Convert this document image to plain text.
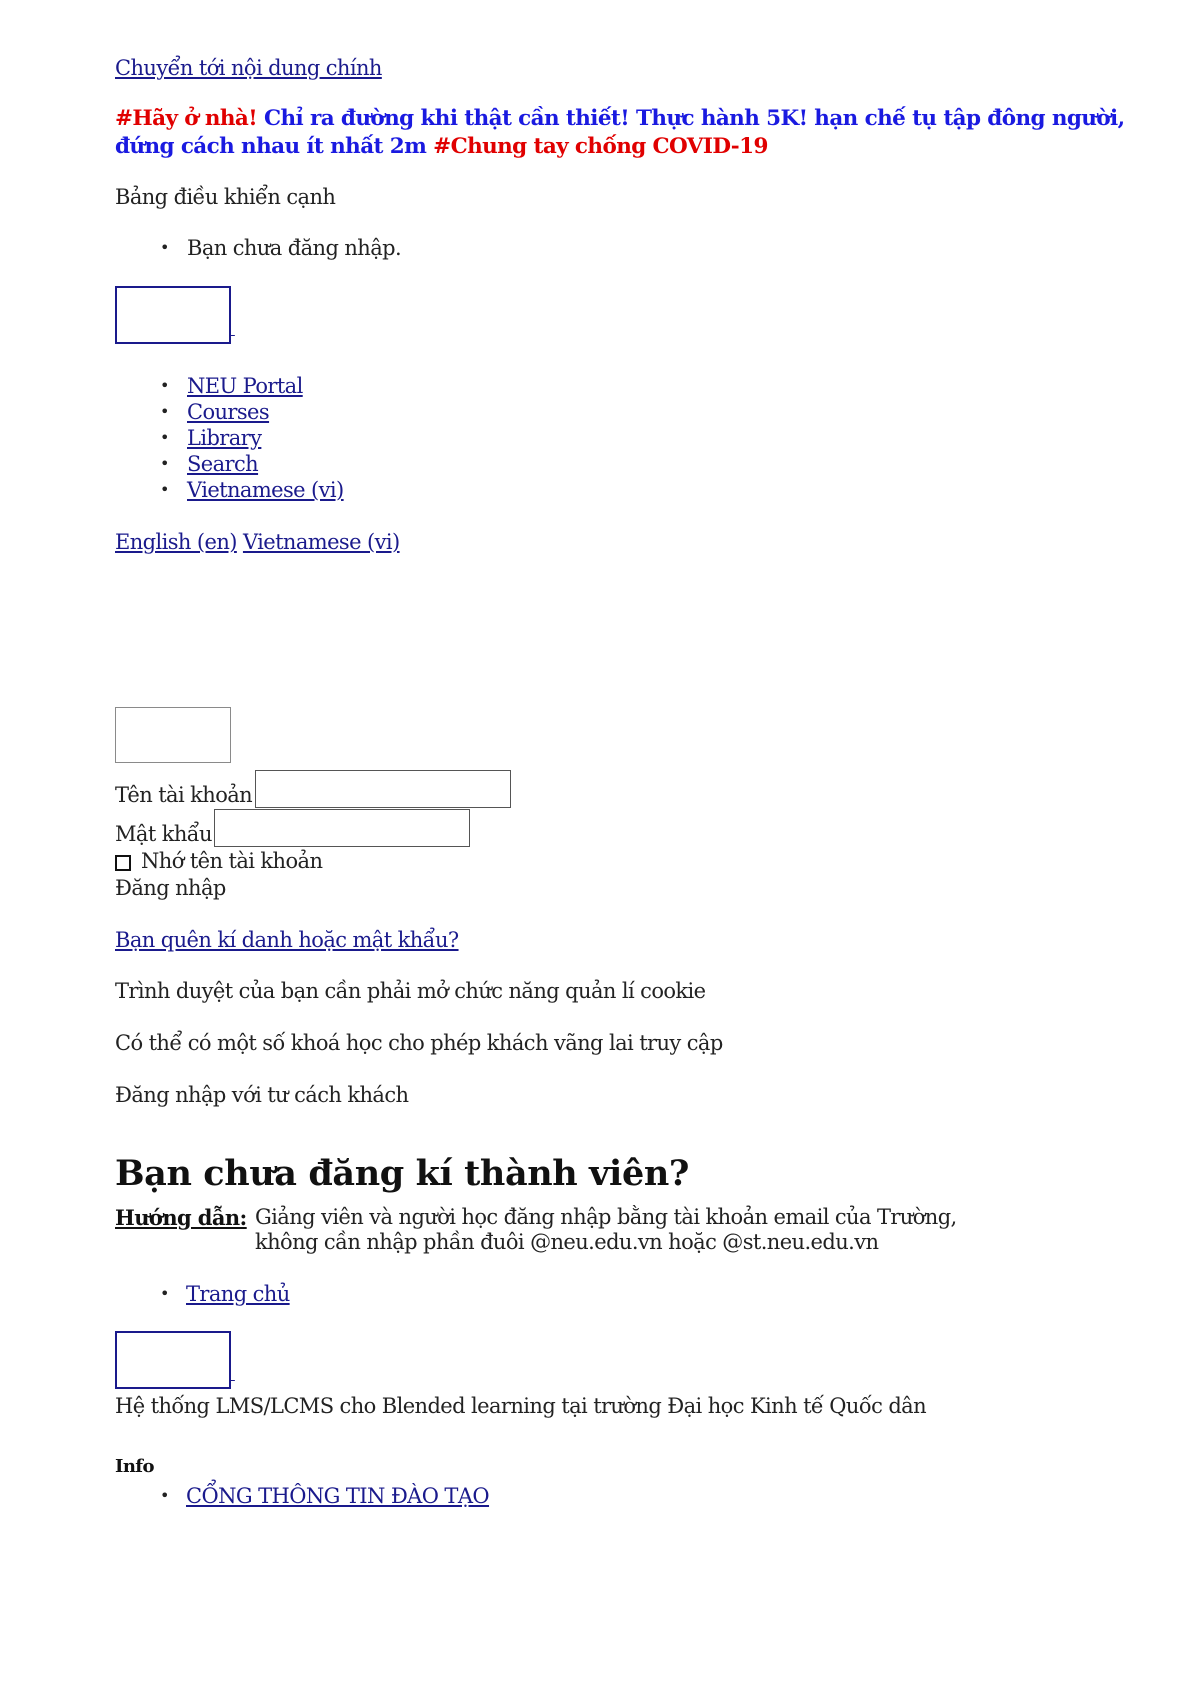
Chuyển tới nội dung chính
#Hãy ở nhà! Chỉ ra đường khi thật cần thiết! Thực hành 5K! hạn chế tụ tập đông người, đứng cách nhau ít nhất 2m #Chung tay chống COVID-19
Bảng điều khiển cạnh
• Bạn chưa đăng nhập.

• NEU Portal
• Courses
• Library
• Search
• Vietnamese (vi)
English (en) Vietnamese (vi)
Tên tài khoản
Mật khẩu
Nhớ tên tài khoản
Đăng nhập
Bạn quên kí danh hoặc mật khẩu?
Trình duyệt của bạn cần phải mở chức năng quản lí cookie
Có thể có một số khoá học cho phép khách vãng lai truy cập
Đăng nhập với tư cách khách
Bạn chưa đăng kí thành viên?
Hướng dẫn: Giảng viên và người học đăng nhập bằng tài khoản email của Trường,
không cần nhập phần đuôi @neu.edu.vn hoặc @st.neu.edu.vn
• Trang chủ

Hệ thống LMS/LCMS cho Blended learning tại trường Đại học Kinh tế Quốc dân
Info
• CỔNG THÔNG TIN ĐÀO TẠO
